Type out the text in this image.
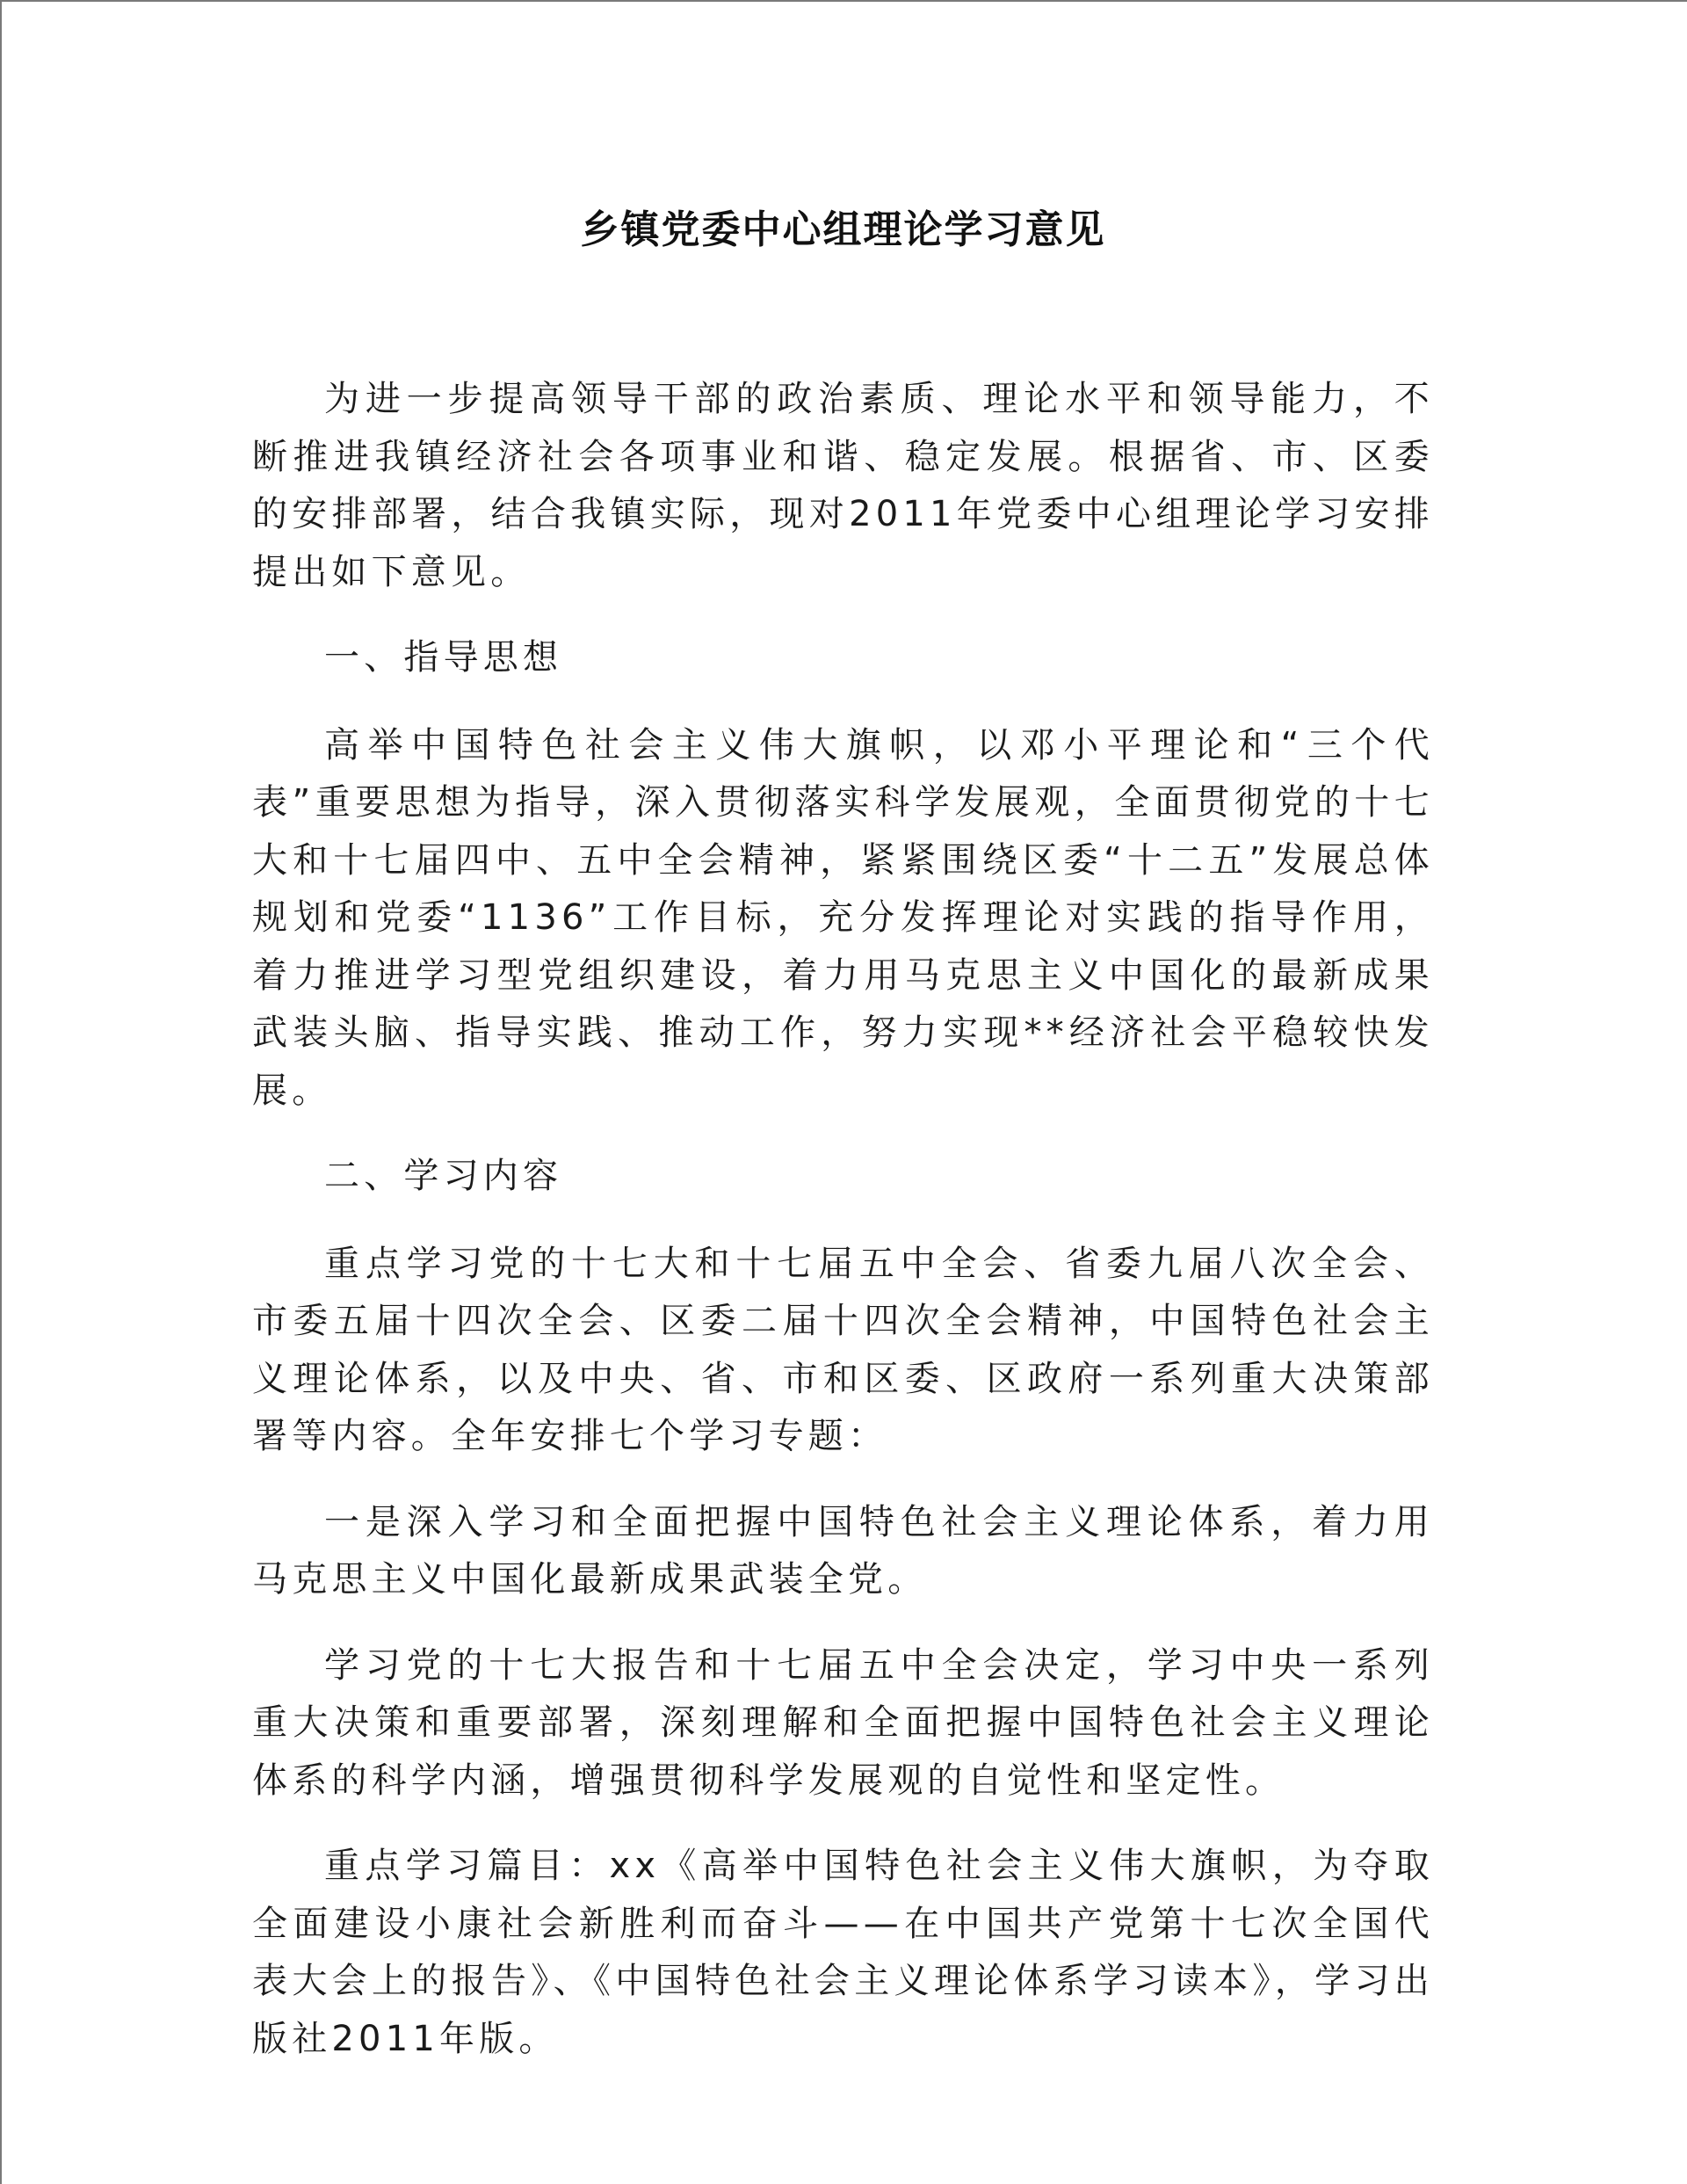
乡镇党委中心组理论学习意见

为进一步提高领导干部的政治素质、理论水平和领导能力，不断推进我镇经济社会各项事业和谐、稳定发展。根据省、市、区委的安排部署，结合我镇实际，现对2011年党委中心组理论学习安排提出如下意见。

一、指导思想

高举中国特色社会主义伟大旗帜，以邓小平理论和“三个代表”重要思想为指导，深入贯彻落实科学发展观，全面贯彻党的十七大和十七届四中、五中全会精神，紧紧围绕区委“十二五”发展总体规划和党委“1136”工作目标，充分发挥理论对实践的指导作用，着力推进学习型党组织建设，着力用马克思主义中国化的最新成果武装头脑、指导实践、推动工作，努力实现**经济社会平稳较快发展。

二、学习内容

重点学习党的十七大和十七届五中全会、省委九届八次全会、市委五届十四次全会、区委二届十四次全会精神，中国特色社会主义理论体系，以及中央、省、市和区委、区政府一系列重大决策部署等内容。全年安排七个学习专题：

一是深入学习和全面把握中国特色社会主义理论体系，着力用马克思主义中国化最新成果武装全党。

学习党的十七大报告和十七届五中全会决定，学习中央一系列重大决策和重要部署，深刻理解和全面把握中国特色社会主义理论体系的科学内涵，增强贯彻科学发展观的自觉性和坚定性。

重点学习篇目：xx《高举中国特色社会主义伟大旗帜，为夺取全面建设小康社会新胜利而奋斗——在中国共产党第十七次全国代表大会上的报告》、《中国特色社会主义理论体系学习读本》，学习出版社2011年版。
